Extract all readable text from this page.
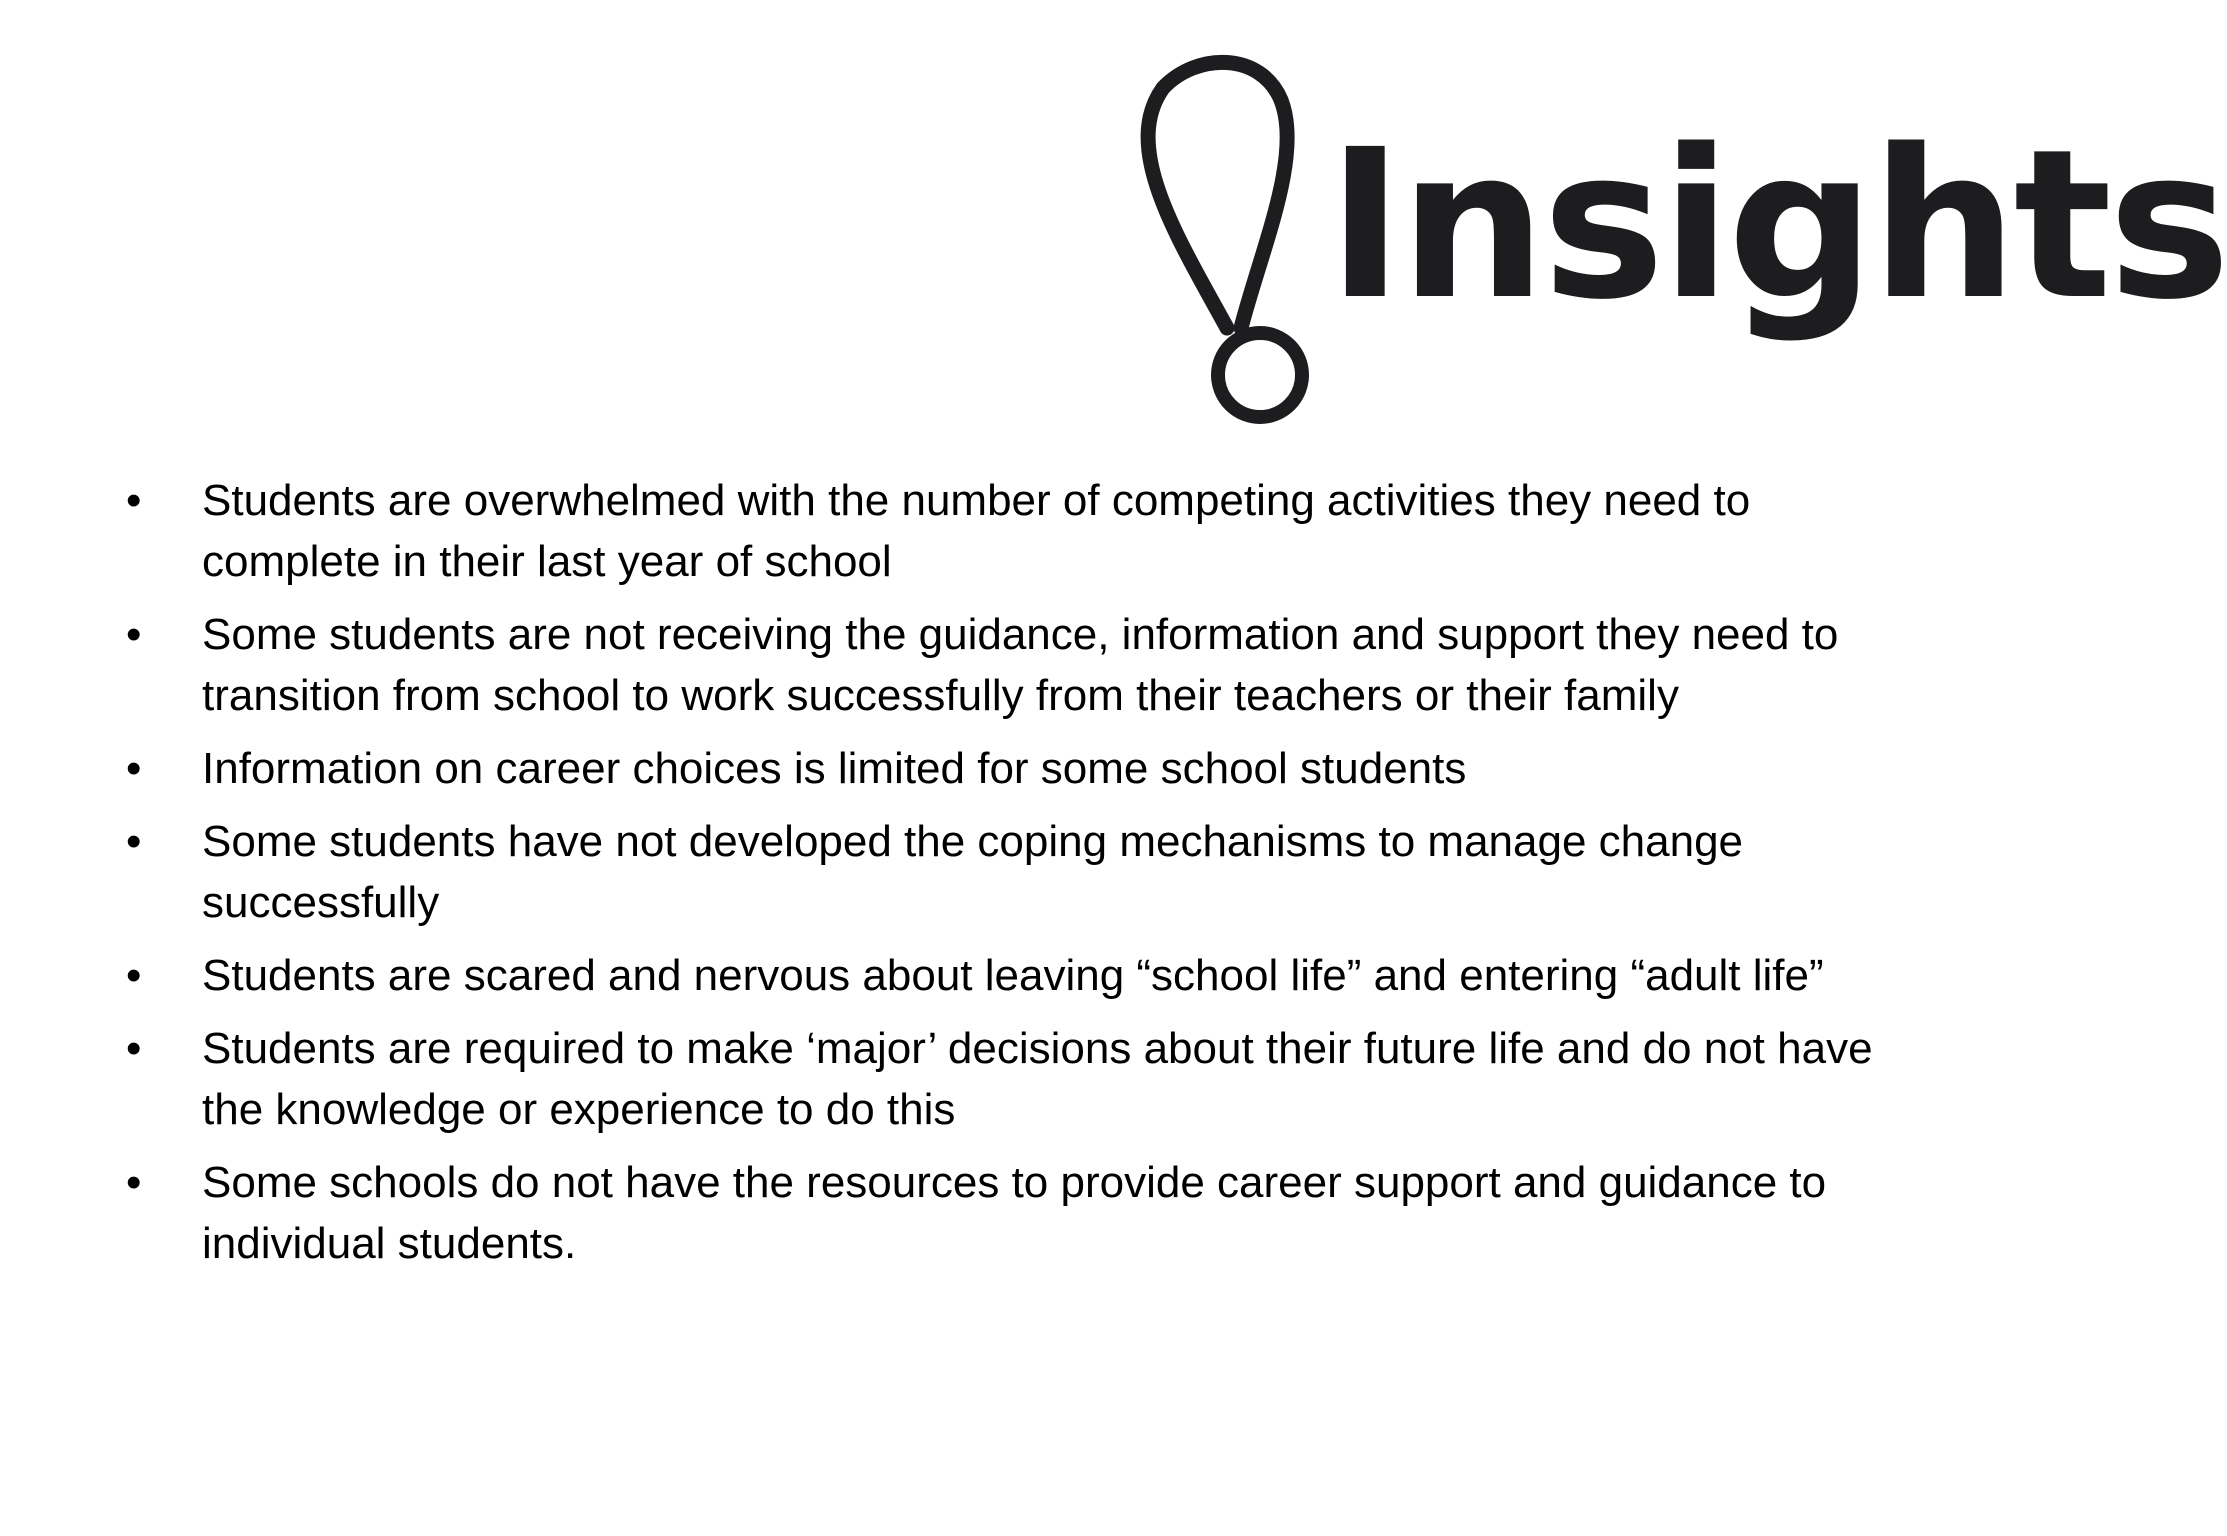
Insights
•	Students are overwhelmed with the number of competing activities they need to complete in their last year of school
•	Some students are not receiving the guidance, information and support they need to transition from school to work successfully from their teachers or their family
•	Information on career choices is limited for some school students
•	Some students have not developed the coping mechanisms to manage change successfully
•	Students are scared and nervous about leaving “school life” and entering “adult life”
•	Students are required to make ‘major’ decisions about their future life and do not have the knowledge or experience to do this
•	Some schools do not have the resources to provide career support and guidance to individual students.
